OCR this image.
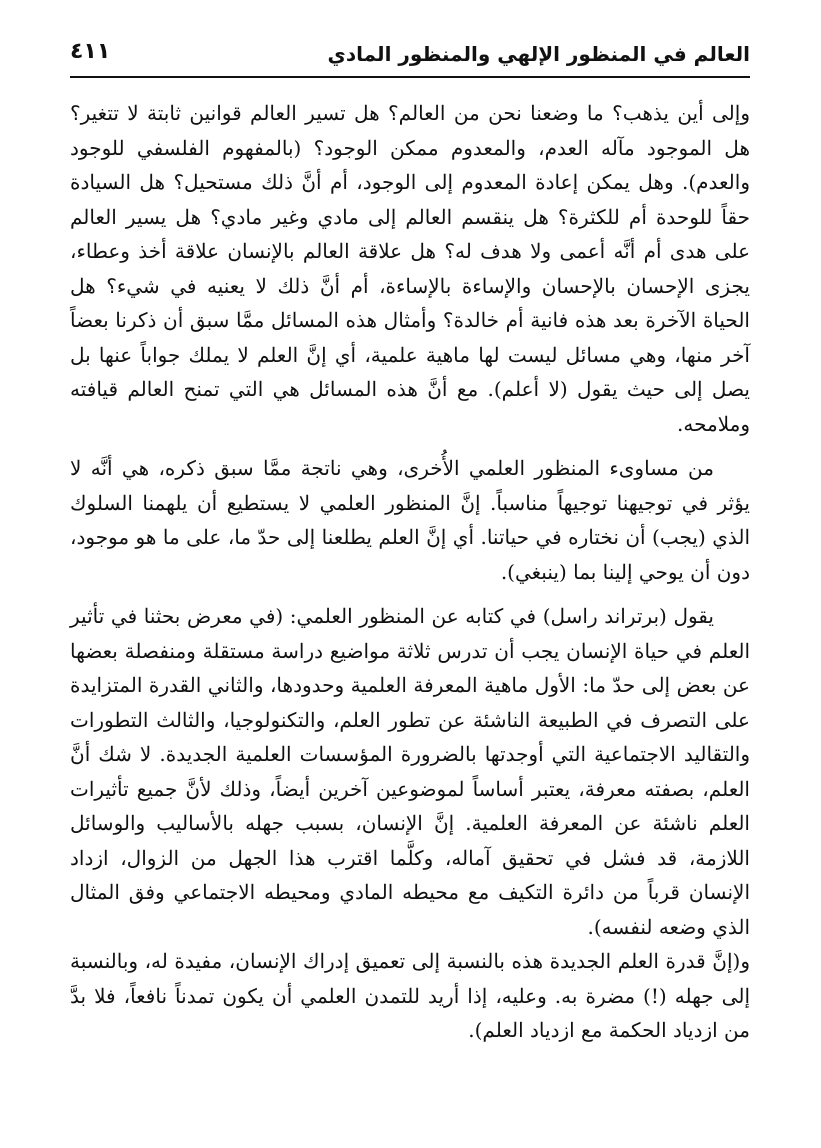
العالم في المنظور الإلهي والمنظور المادي
٤١١

وإلى أين يذهب؟ ما وضعنا نحن من العالم؟ هل تسير العالم قوانين ثابتة لا تتغير؟ هل الموجود مآله العدم، والمعدوم ممكن الوجود؟ (بالمفهوم الفلسفي للوجود والعدم). وهل يمكن إعادة المعدوم إلى الوجود، أم أنَّ ذلك مستحيل؟ هل السيادة حقاً للوحدة أم للكثرة؟ هل ينقسم العالم إلى مادي وغير مادي؟ هل يسير العالم على هدى أم أنَّه أعمى ولا هدف له؟ هل علاقة العالم بالإنسان علاقة أخذ وعطاء، يجزى الإحسان بالإحسان والإساءة بالإساءة، أم أنَّ ذلك لا يعنيه في شيء؟ هل الحياة الآخرة بعد هذه فانية أم خالدة؟ وأمثال هذه المسائل ممَّا سبق أن ذكرنا بعضاً آخر منها، وهي مسائل ليست لها ماهية علمية، أي إنَّ العلم لا يملك جواباً عنها بل يصل إلى حيث يقول (لا أعلم). مع أنَّ هذه المسائل هي التي تمنح العالم قيافته وملامحه.

من مساوىء المنظور العلمي الأُخرى، وهي ناتجة ممَّا سبق ذكره، هي أنَّه لا يؤثر في توجيهنا توجيهاً مناسباً. إنَّ المنظور العلمي لا يستطيع أن يلهمنا السلوك الذي (يجب) أن نختاره في حياتنا. أي إنَّ العلم يطلعنا إلى حدّ ما، على ما هو موجود، دون أن يوحي إلينا بما (ينبغي).

يقول (برتراند راسل) في كتابه عن المنظور العلمي: (في معرض بحثنا في تأثير العلم في حياة الإنسان يجب أن تدرس ثلاثة مواضيع دراسة مستقلة ومنفصلة بعضها عن بعض إلى حدّ ما: الأول ماهية المعرفة العلمية وحدودها، والثاني القدرة المتزايدة على التصرف في الطبيعة الناشئة عن تطور العلم، والتكنولوجيا، والثالث التطورات والتقاليد الاجتماعية التي أوجدتها بالضرورة المؤسسات العلمية الجديدة. لا شك أنَّ العلم، بصفته معرفة، يعتبر أساساً لموضوعين آخرين أيضاً، وذلك لأنَّ جميع تأثيرات العلم ناشئة عن المعرفة العلمية. إنَّ الإنسان، بسبب جهله بالأساليب والوسائل اللازمة، قد فشل في تحقيق آماله، وكلَّما اقترب هذا الجهل من الزوال، ازداد الإنسان قرباً من دائرة التكيف مع محيطه المادي ومحيطه الاجتماعي وفق المثال الذي وضعه لنفسه).

و(إنَّ قدرة العلم الجديدة هذه بالنسبة إلى تعميق إدراك الإنسان، مفيدة له، وبالنسبة إلى جهله (!) مضرة به. وعليه، إذا أريد للتمدن العلمي أن يكون تمدناً نافعاً، فلا بدَّ من ازدياد الحكمة مع ازدياد العلم).
